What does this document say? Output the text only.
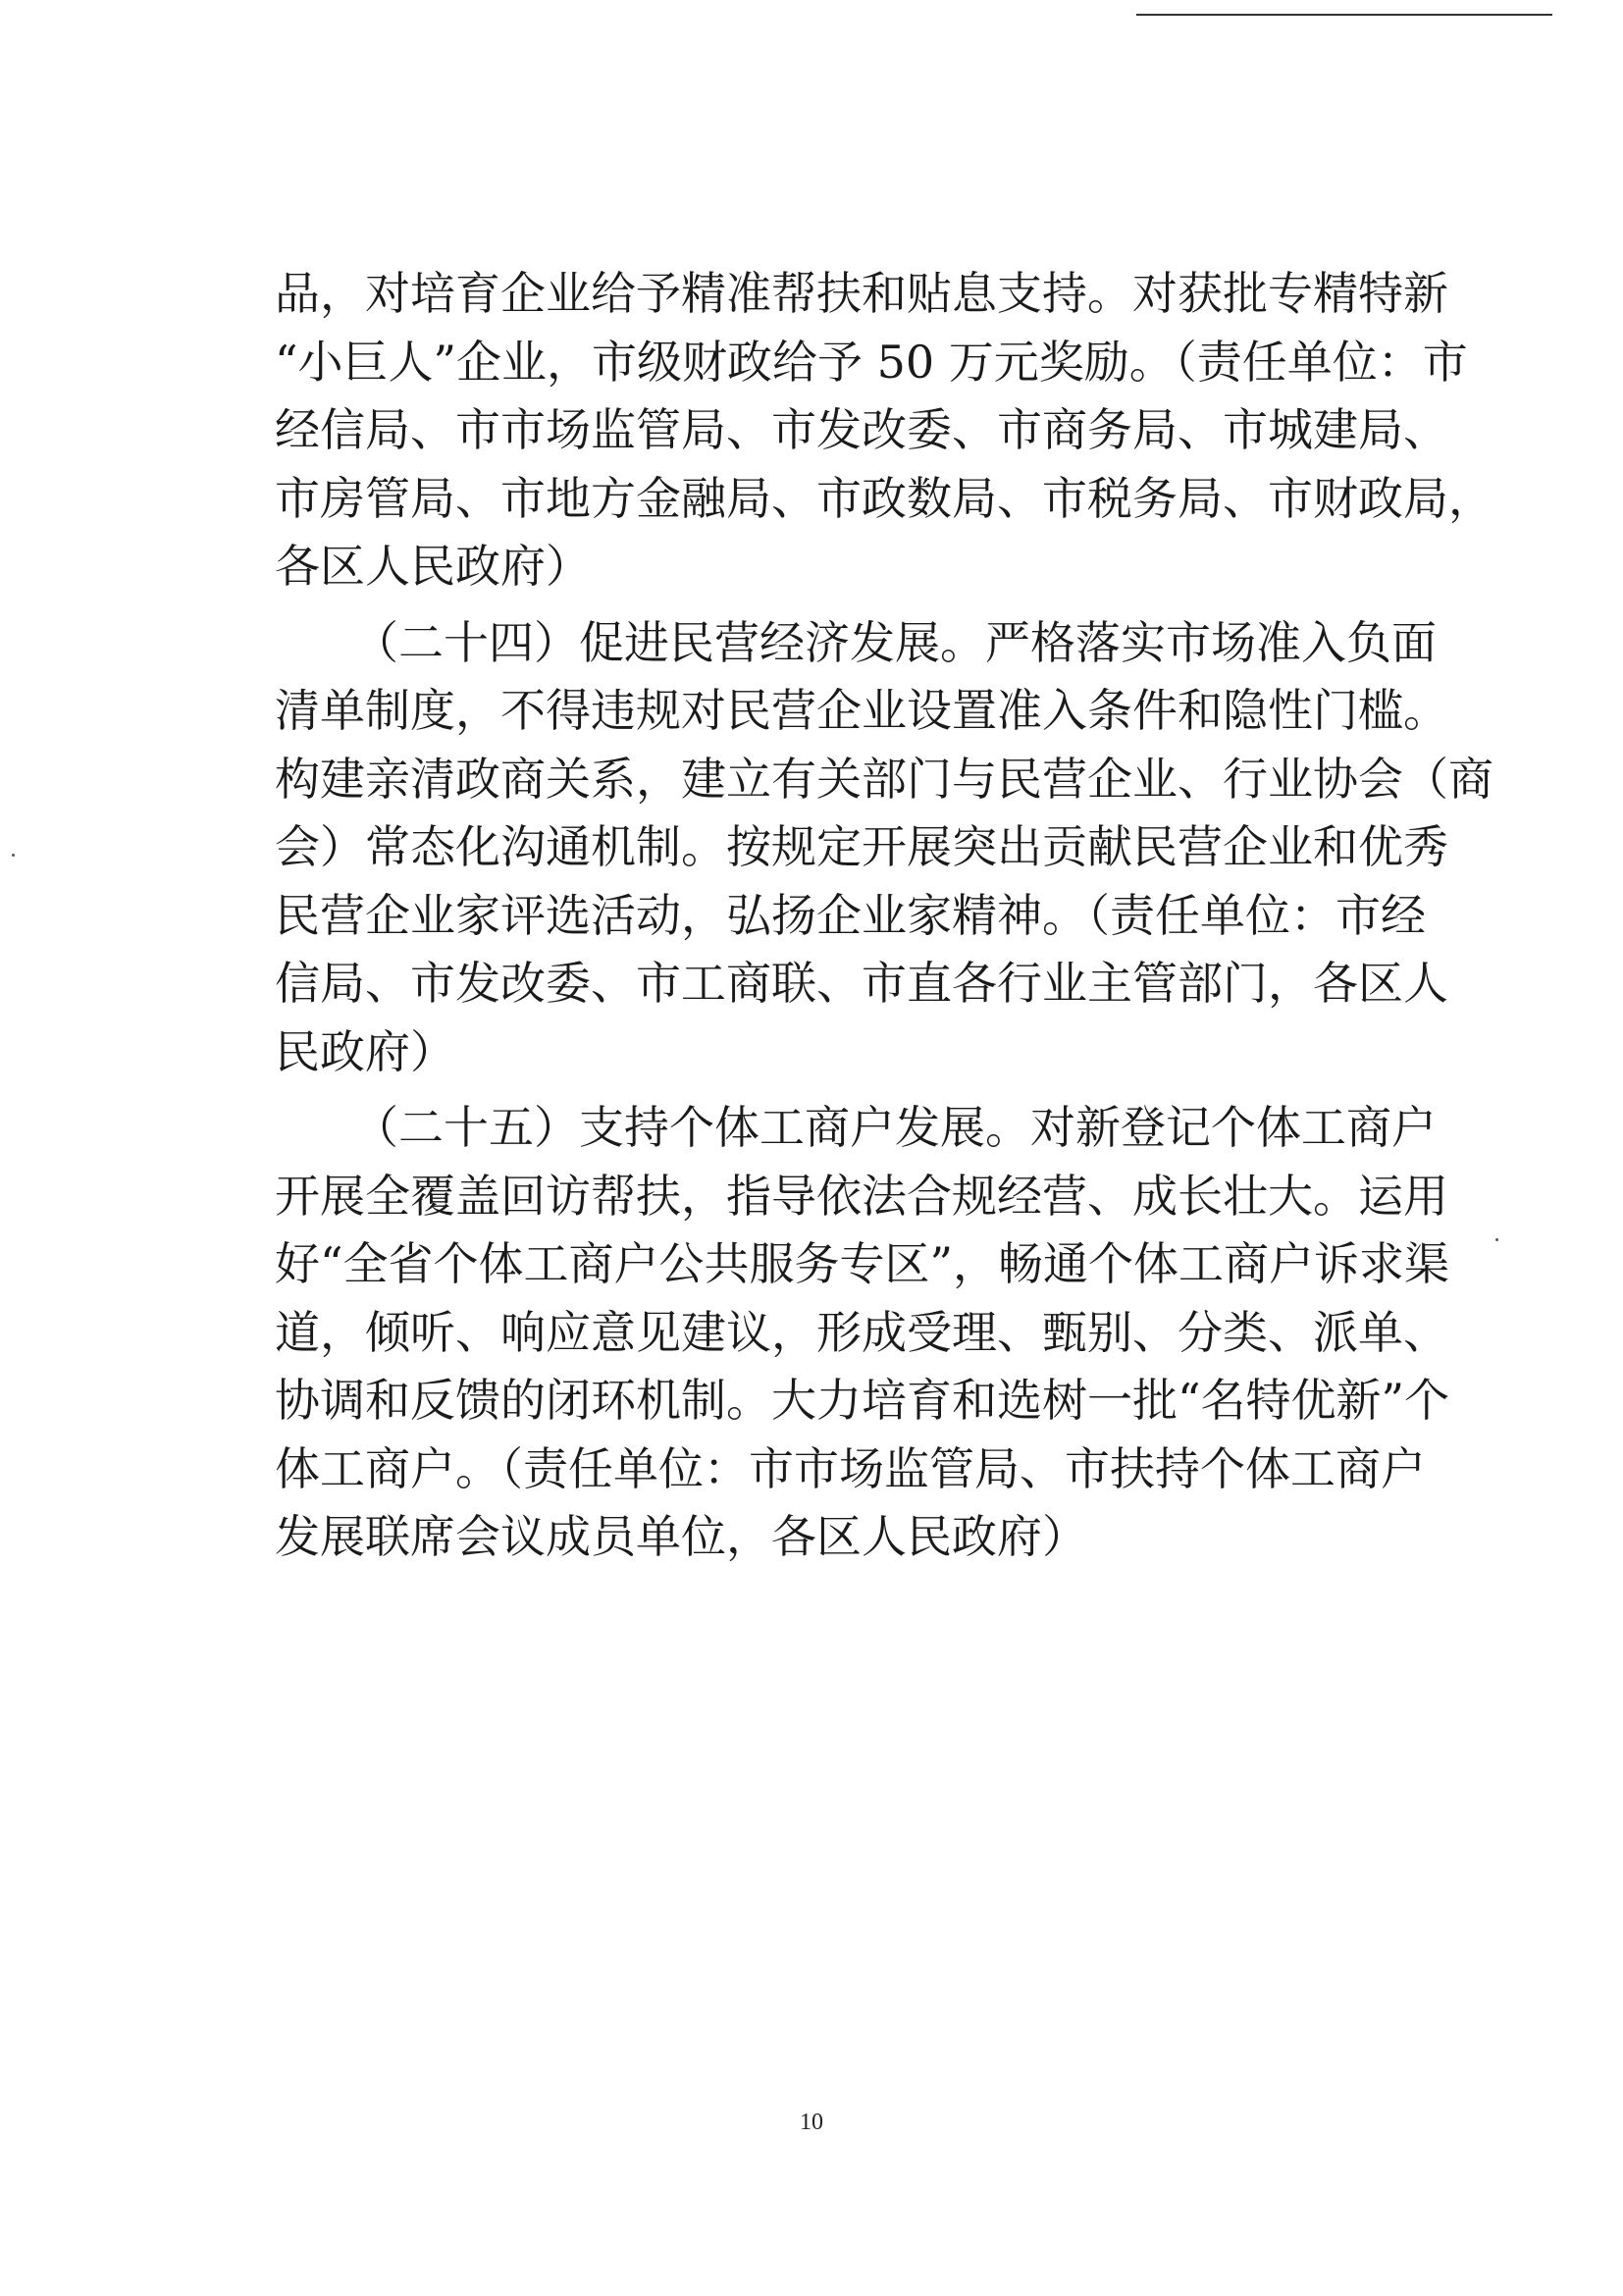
品，对培育企业给予精准帮扶和贴息支持。对获批专精特新
“小巨人”企业，市级财政给予 50 万元奖励。（责任单位：市
经信局、市市场监管局、市发改委、市商务局、市城建局、
市房管局、市地方金融局、市政数局、市税务局、市财政局，
各区人民政府）
（二十四）促进民营经济发展。严格落实市场准入负面
清单制度，不得违规对民营企业设置准入条件和隐性门槛。
构建亲清政商关系，建立有关部门与民营企业、行业协会（商
会）常态化沟通机制。按规定开展突出贡献民营企业和优秀
民营企业家评选活动，弘扬企业家精神。（责任单位：市经
信局、市发改委、市工商联、市直各行业主管部门，各区人
民政府）
（二十五）支持个体工商户发展。对新登记个体工商户
开展全覆盖回访帮扶，指导依法合规经营、成长壮大。运用
好“全省个体工商户公共服务专区”，畅通个体工商户诉求渠
道，倾听、响应意见建议，形成受理、甄别、分类、派单、
协调和反馈的闭环机制。大力培育和选树一批“名特优新”个
体工商户。（责任单位：市市场监管局、市扶持个体工商户
发展联席会议成员单位，各区人民政府）
10
